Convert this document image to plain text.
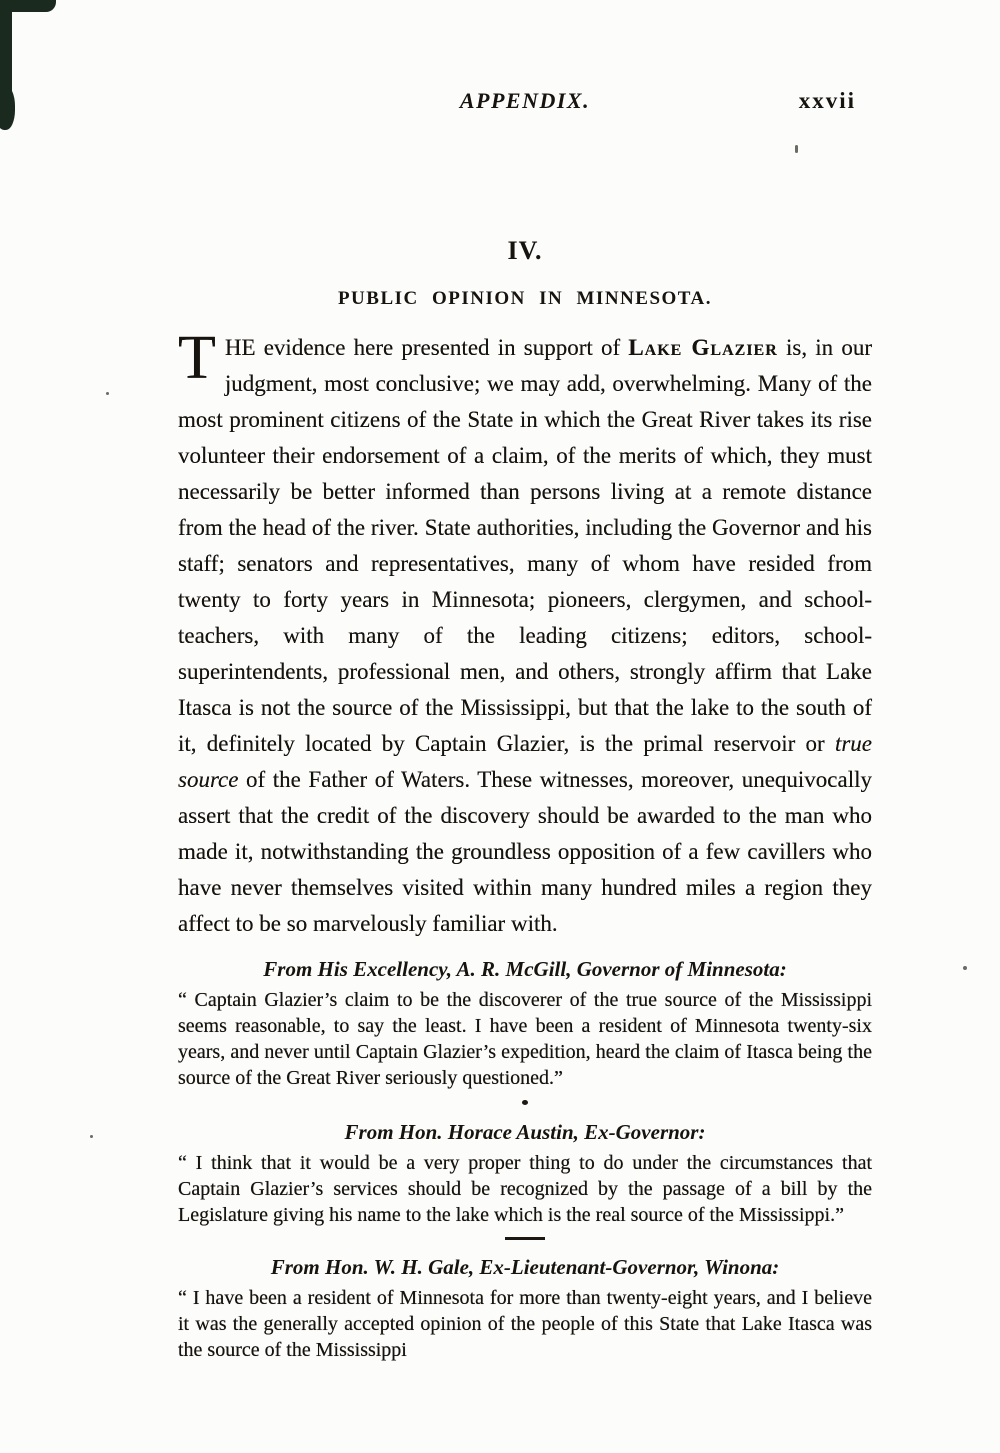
APPENDIX.	xxvii
IV.
PUBLIC OPINION IN MINNESOTA.

THE evidence here presented in support of Lake Glazier is, in our judgment, most conclusive; we may add, overwhelming. Many of the most prominent citizens of the State in which the Great River takes its rise volunteer their endorsement of a claim, of the merits of which, they must necessarily be better informed than persons living at a remote distance from the head of the river. State authorities, including the Governor and his staff; senators and representatives, many of whom have resided from twenty to forty years in Minnesota; pioneers, clergymen, and school-teachers, with many of the leading citizens; editors, school-superintendents, professional men, and others, strongly affirm that Lake Itasca is not the source of the Mississippi, but that the lake to the south of it, definitely located by Captain Glazier, is the primal reservoir or true source of the Father of Waters. These witnesses, moreover, unequivocally assert that the credit of the discovery should be awarded to the man who made it, notwithstanding the groundless opposition of a few cavillers who have never themselves visited within many hundred miles a region they affect to be so marvelously familiar with.

From His Excellency, A. R. McGill, Governor of Minnesota:

“ Captain Glazier’s claim to be the discoverer of the true source of the Mississippi seems reasonable, to say the least. I have been a resident of Minnesota twenty-six years, and never until Captain Glazier’s expedition, heard the claim of Itasca being the source of the Great River seriously questioned.”

From Hon. Horace Austin, Ex-Governor:

“ I think that it would be a very proper thing to do under the circumstances that Captain Glazier’s services should be recognized by the passage of a bill by the Legislature giving his name to the lake which is the real source of the Mississippi.”

From Hon. W. H. Gale, Ex-Lieutenant-Governor, Winona:

“ I have been a resident of Minnesota for more than twenty-eight years, and I believe it was the generally accepted opinion of the people of this State that Lake Itasca was the source of the Mississippi
